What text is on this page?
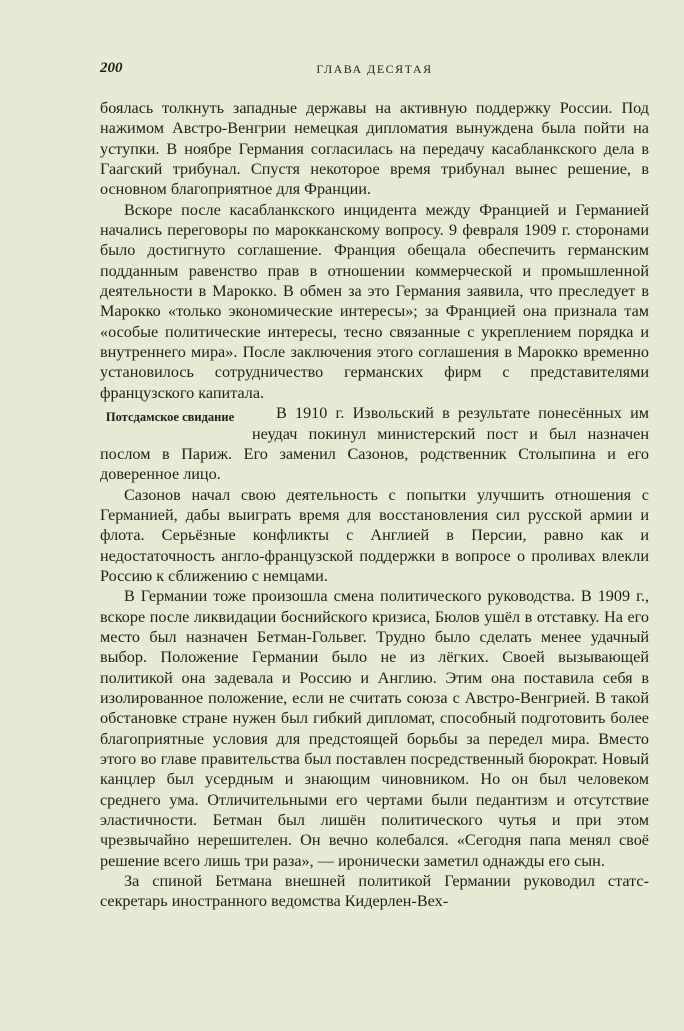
200	ГЛАВА ДЕСЯТАЯ

боялась толкнуть западные державы на активную поддержку России. Под нажимом Австро-Венгрии немецкая дипломатия вынуждена была пойти на уступки. В ноябре Германия согласилась на передачу касабланкского дела в Гаагский трибунал. Спустя некоторое время трибунал вынес решение, в основном благоприятное для Франции.

Вскоре после касабланкского инцидента между Францией и Германией начались переговоры по марокканскому вопросу. 9 февраля 1909 г. сторонами было достигнуто соглашение. Франция обещала обеспечить германским подданным равенство прав в отношении коммерческой и промышленной деятельности в Марокко. В обмен за это Германия заявила, что преследует в Марокко «только экономические интересы»; за Францией она признала там «особые политические интересы, тесно связанные с укреплением порядка и внутреннего мира». После заключения этого соглашения в Марокко временно установилось сотрудничество германских фирм с представителями французского капитала.

Потсдамское свидание	В 1910 г. Извольский в результате понесённых им неудач покинул министерский пост и был назначен послом в Париж. Его заменил Сазонов, родственник Столыпина и его доверенное лицо.

Сазонов начал свою деятельность с попытки улучшить отношения с Германией, дабы выиграть время для восстановления сил русской армии и флота. Серьёзные конфликты с Англией в Персии, равно как и недостаточность англо-французской поддержки в вопросе о проливах влекли Россию к сближению с немцами.

В Германии тоже произошла смена политического руководства. В 1909 г., вскоре после ликвидации боснийского кризиса, Бюлов ушёл в отставку. На его место был назначен Бетман-Гольвег. Трудно было сделать менее удачный выбор. Положение Германии было не из лёгких. Своей вызывающей политикой она задевала и Россию и Англию. Этим она поставила себя в изолированное положение, если не считать союза с Австро-Венгрией. В такой обстановке стране нужен был гибкий дипломат, способный подготовить более благоприятные условия для предстоящей борьбы за передел мира. Вместо этого во главе правительства был поставлен посредственный бюрократ. Новый канцлер был усердным и знающим чиновником. Но он был человеком среднего ума. Отличительными его чертами были педантизм и отсутствие эластичности. Бетман был лишён политического чутья и при этом чрезвычайно нерешителен. Он вечно колебался. «Сегодня папа менял своё решение всего лишь три раза», — иронически заметил однажды его сын.

За спиной Бетмана внешней политикой Германии руководил статс-секретарь иностранного ведомства Кидерлен-Вех-
